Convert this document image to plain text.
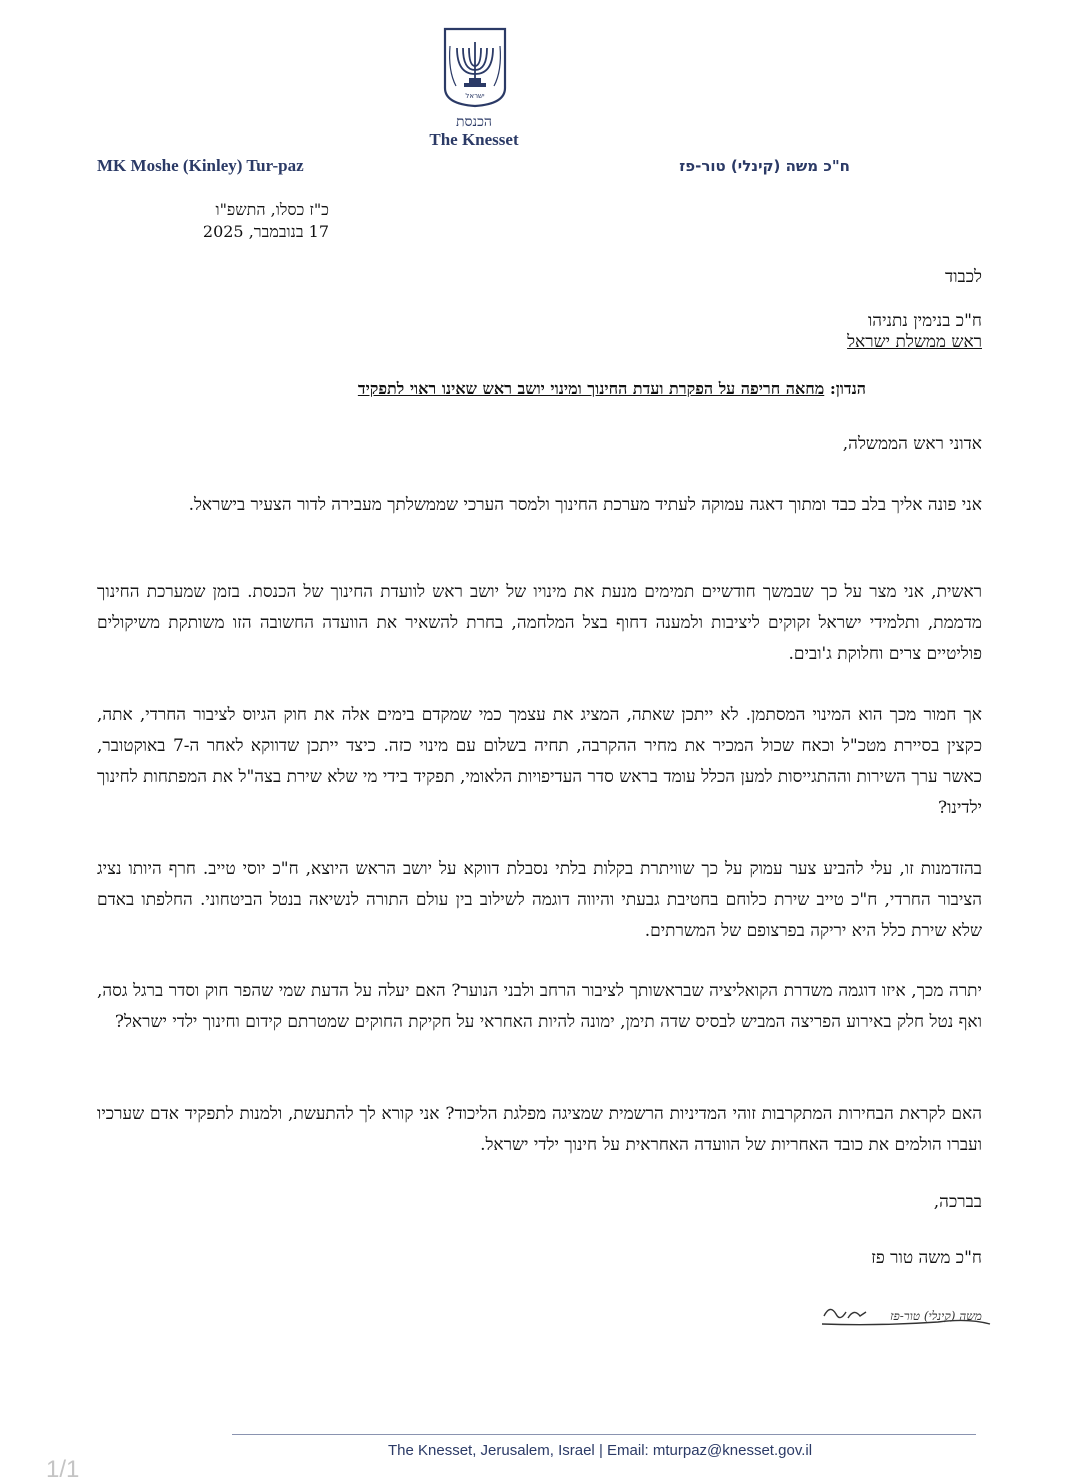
ישראל
הכנסת
The Knesset
MK Moshe (Kinley) Tur-paz	ח"כ משה (קינלי) טור-פז
כ"ז כסלו, התשפ"ו
17 בנובמבר, 2025
לכבוד
ח"כ בנימין נתניהו
ראש ממשלת ישראל
הנדון: מחאה חריפה על הפקרת ועדת החינוך ומינוי יושב ראש שאינו ראוי לתפקיד
אדוני ראש הממשלה,
אני פונה אליך בלב כבד ומתוך דאגה עמוקה לעתיד מערכת החינוך ולמסר הערכי שממשלתך מעבירה לדור הצעיר בישראל.
ראשית, אני מצר על כך שבמשך חודשיים תמימים מנעת את מינויו של יושב ראש לוועדת החינוך של הכנסת. בזמן שמערכת החינוך מדממת, ותלמידי ישראל זקוקים ליציבות ולמענה דחוף בצל המלחמה, בחרת להשאיר את הוועדה החשובה הזו משותקת משיקולים פוליטיים צרים וחלוקת ג'ובים.
אך חמור מכך הוא המינוי המסתמן. לא ייתכן שאתה, המציג את עצמך כמי שמקדם בימים אלה את חוק הגיוס לציבור החרדי, אתה, כקצין בסיירת מטכ"ל וכאח שכול המכיר את מחיר ההקרבה, תחיה בשלום עם מינוי כזה. כיצד ייתכן שדווקא לאחר ה-7 באוקטובר, כאשר ערך השירות וההתגייסות למען הכלל עומד בראש סדר העדיפויות הלאומי, תפקיד בידי מי שלא שירת בצה"ל את המפתחות לחינוך ילדינו?
בהזדמנות זו, עלי להביע צער עמוק על כך שוויתרת בקלות בלתי נסבלת דווקא על יושב הראש היוצא, ח"כ יוסי טייב. חרף היותו נציג הציבור החרדי, ח"כ טייב שירת כלוחם בחטיבת גבעתי והיווה דוגמה לשילוב בין עולם התורה לנשיאה בנטל הביטחוני. החלפתו באדם שלא שירת כלל היא יריקה בפרצופם של המשרתים.
יתרה מכך, איזו דוגמה משדרת הקואליציה שבראשותך לציבור הרחב ולבני הנוער? האם יעלה על הדעת שמי שהפר חוק וסדר ברגל גסה, ואף נטל חלק באירוע הפריצה המביש לבסיס שדה תימן, ימונה להיות האחראי על חקיקת החוקים שמטרתם קידום וחינוך ילדי ישראל?
האם לקראת הבחירות המתקרבות זוהי המדיניות הרשמית שמציגה מפלגת הליכוד? אני קורא לך להתעשת, ולמנות לתפקיד אדם שערכיו ועברו הולמים את כובד האחריות של הוועדה האחראית על חינוך ילדי ישראל.
בברכה,
ח"כ משה טור פז
משה (קינלי) טור-פז
The Knesset, Jerusalem, Israel | Email: mturpaz@knesset.gov.il
1/1
